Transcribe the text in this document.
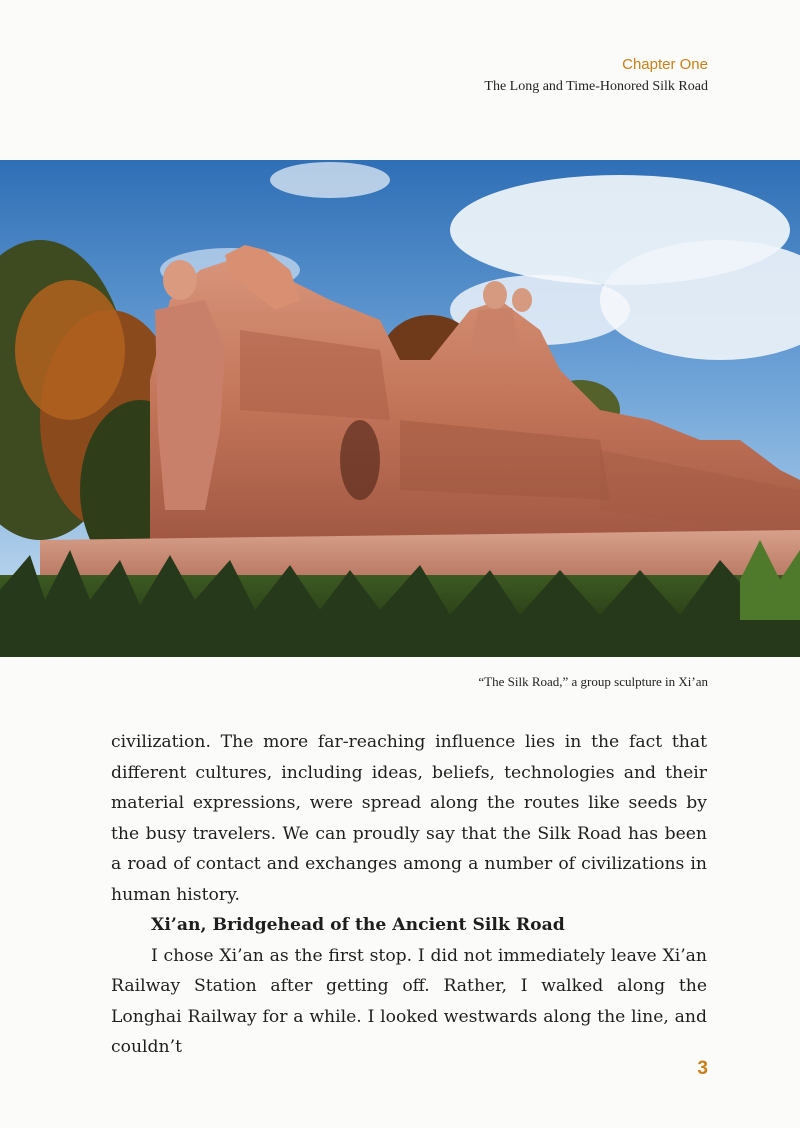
Chapter One
The Long and Time-Honored Silk Road
“The Silk Road,” a group sculpture in Xi’an

civilization. The more far-reaching influence lies in the fact that different cultures, including ideas, beliefs, technologies and their material expressions, were spread along the routes like seeds by the busy travelers. We can proudly say that the Silk Road has been a road of contact and exchanges among a number of civilizations in human history.

Xi’an, Bridgehead of the Ancient Silk Road

I chose Xi’an as the first stop. I did not immediately leave Xi’an Railway Station after getting off. Rather, I walked along the Longhai Railway for a while. I looked westwards along the line, and couldn’t

3
